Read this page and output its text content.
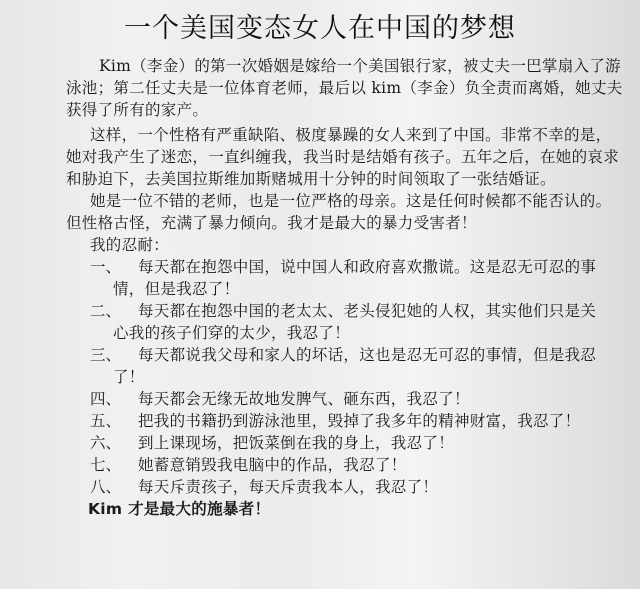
一个美国变态女人在中国的梦想
Kim（李金）的第一次婚姻是嫁给一个美国银行家，被丈夫一巴掌扇入了游
泳池；第二任丈夫是一位体育老师，最后以 kim（李金）负全责而离婚，她丈夫
获得了所有的家产。
这样，一个性格有严重缺陷、极度暴躁的女人来到了中国。非常不幸的是，
她对我产生了迷恋，一直纠缠我，我当时是结婚有孩子。五年之后，在她的哀求
和胁迫下，去美国拉斯维加斯赌城用十分钟的时间领取了一张结婚证。
她是一位不错的老师，也是一位严格的母亲。这是任何时候都不能否认的。
但性格古怪，充满了暴力倾向。我才是最大的暴力受害者！
我的忍耐：
一、 每天都在抱怨中国，说中国人和政府喜欢撒谎。这是忍无可忍的事
情，但是我忍了！
二、 每天都在抱怨中国的老太太、老头侵犯她的人权，其实他们只是关
心我的孩子们穿的太少，我忍了！
三、 每天都说我父母和家人的坏话，这也是忍无可忍的事情，但是我忍
了！
四、 每天都会无缘无故地发脾气、砸东西，我忍了！
五、 把我的书籍扔到游泳池里，毁掉了我多年的精神财富，我忍了！
六、 到上课现场，把饭菜倒在我的身上，我忍了！
七、 她蓄意销毁我电脑中的作品，我忍了！
八、 每天斥责孩子，每天斥责我本人，我忍了！
Kim 才是最大的施暴者！
